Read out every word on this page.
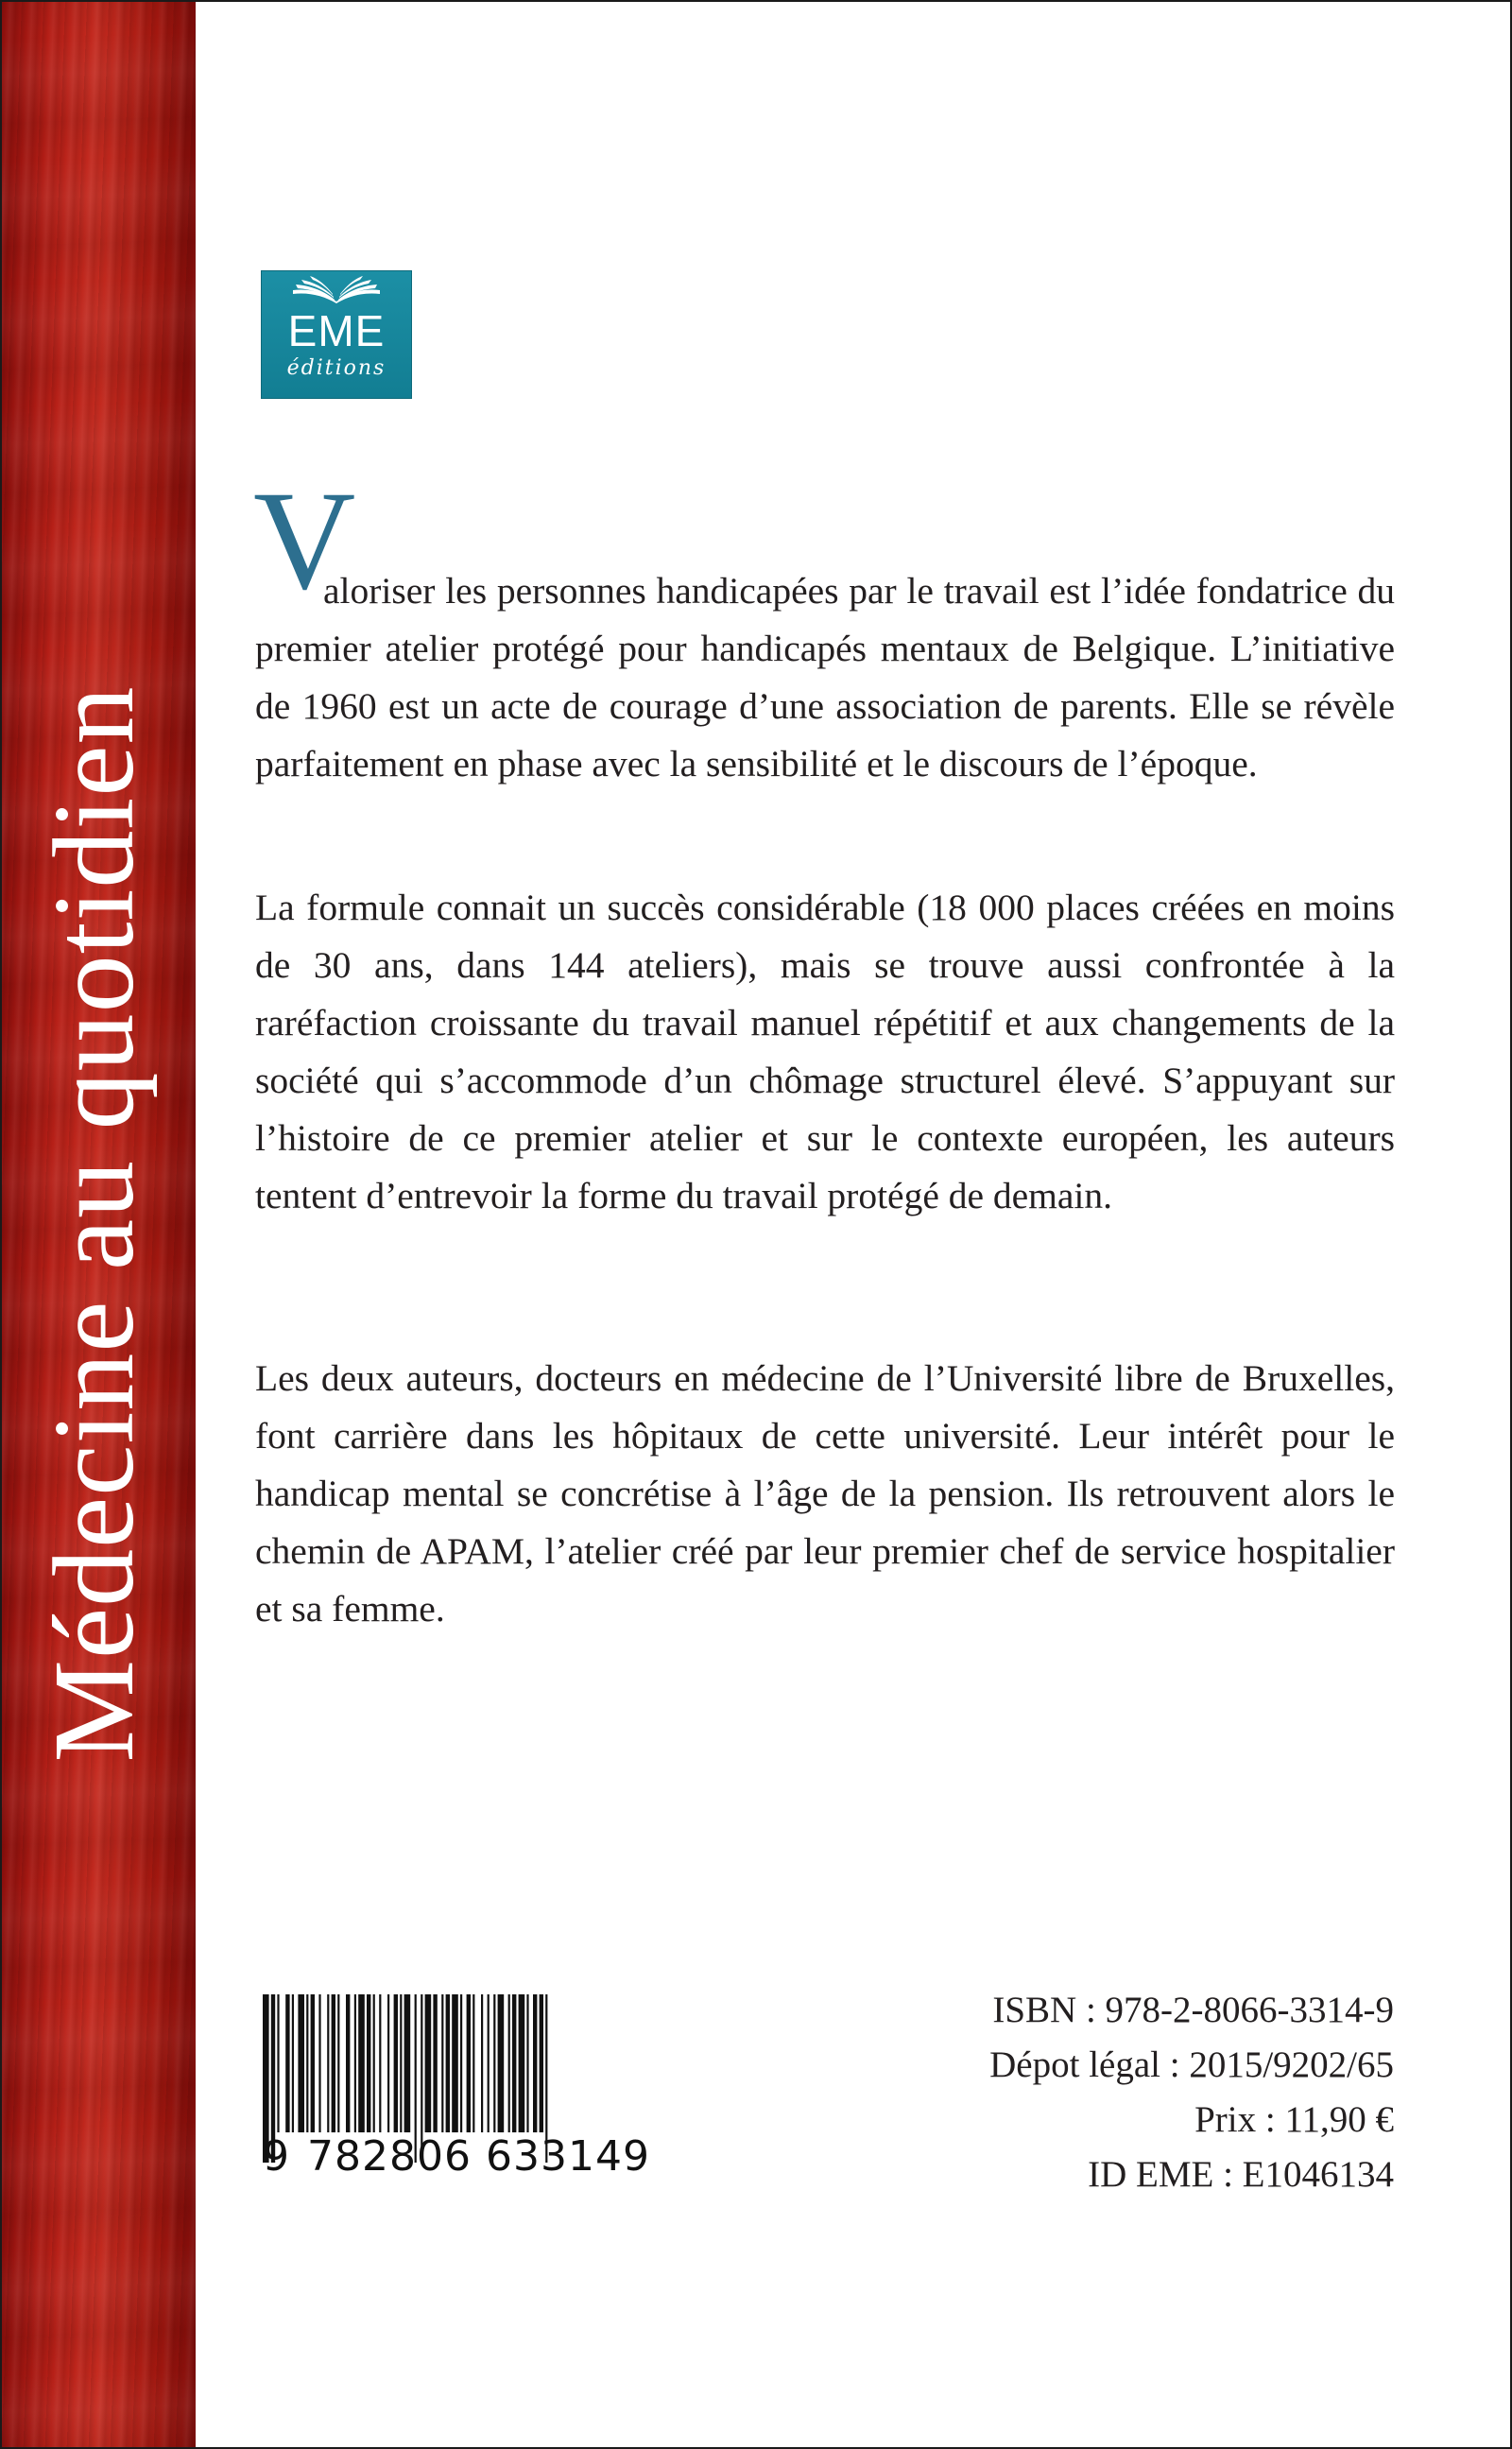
Médecine au quotidien
EME
éditions
V
aloriser les personnes handicapées par le travail est l’idée fondatrice du premier atelier protégé pour handicapés mentaux de Belgique. L’initiative de 1960 est un acte de courage d’une association de parents. Elle se révèle parfaitement en phase avec la sensibilité et le discours de l’époque.
La formule connait un succès considérable (18 000 places créées en moins de 30 ans, dans 144 ateliers), mais se trouve aussi confrontée à la raréfaction croissante du travail manuel répétitif et aux changements de la société qui s’accommode d’un chômage structurel élevé. S’appuyant sur l’histoire de ce premier atelier et sur le contexte européen, les auteurs tentent d’entrevoir la forme du travail protégé de demain.
Les deux auteurs, docteurs en médecine de l’Université libre de Bruxelles, font carrière dans les hôpitaux de cette université. Leur intérêt pour le handicap mental se concrétise à l’âge de la pension. Ils retrouvent alors le chemin de APAM, l’atelier créé par leur premier chef de service hospitalier et sa femme.
9 782806 633149
ISBN : 978-2-8066-3314-9
Dépot légal : 2015/9202/65
Prix : 11,90 €
ID EME : E1046134
